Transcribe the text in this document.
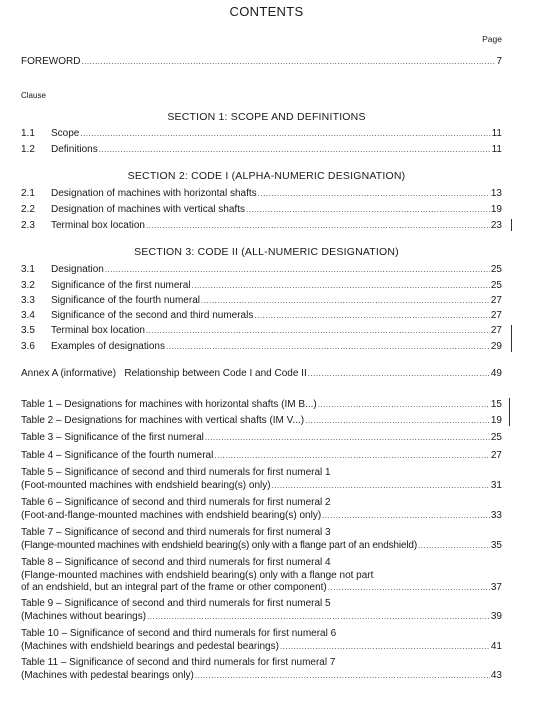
CONTENTS
Page
FOREWORD .....	7
Clause
SECTION 1: SCOPE AND DEFINITIONS
1.1	Scope .....	11
1.2	Definitions .....	11
SECTION 2: CODE I (ALPHA-NUMERIC DESIGNATION)
2.1	Designation of machines with horizontal shafts .....	13
2.2	Designation of machines with vertical shafts .....	19
2.3	Terminal box location .....	23
SECTION 3: CODE II (ALL-NUMERIC DESIGNATION)
3.1	Designation .....	25
3.2	Significance of the first numeral .....	25
3.3	Significance of the fourth numeral .....	27
3.4	Significance of the second and third numerals .....	27
3.5	Terminal box location .....	27
3.6	Examples of designations .....	29
Annex A (informative)   Relationship between Code I and Code II .....	49
Table 1 – Designations for machines with horizontal shafts (IM B...) .....	15
Table 2 – Designations for machines with vertical shafts (IM V...) .....	19
Table 3 – Significance of the first numeral .....	25
Table 4 – Significance of the fourth numeral .....	27
Table 5 – Significance of second and third numerals for first numeral 1
(Foot-mounted machines with endshield bearing(s) only) .....	31
Table 6 – Significance of second and third numerals for first numeral 2
(Foot-and-flange-mounted machines with endshield bearing(s) only) .....	33
Table 7 – Significance of second and third numerals for first numeral 3
(Flange-mounted machines with endshield bearing(s) only with a flange part of an endshield) .....	35
Table 8 – Significance of second and third numerals for first numeral 4
(Flange-mounted machines with endshield bearing(s) only with a flange not part
of an endshield, but an integral part of the frame or other component) .....	37
Table 9 – Significance of second and third numerals for first numeral 5
(Machines without bearings) .....	39
Table 10 – Significance of second and third numerals for first numeral 6
(Machines with endshield bearings and pedestal bearings) .....	41
Table 11 – Significance of second and third numerals for first numeral 7
(Machines with pedestal bearings only) .....	43
